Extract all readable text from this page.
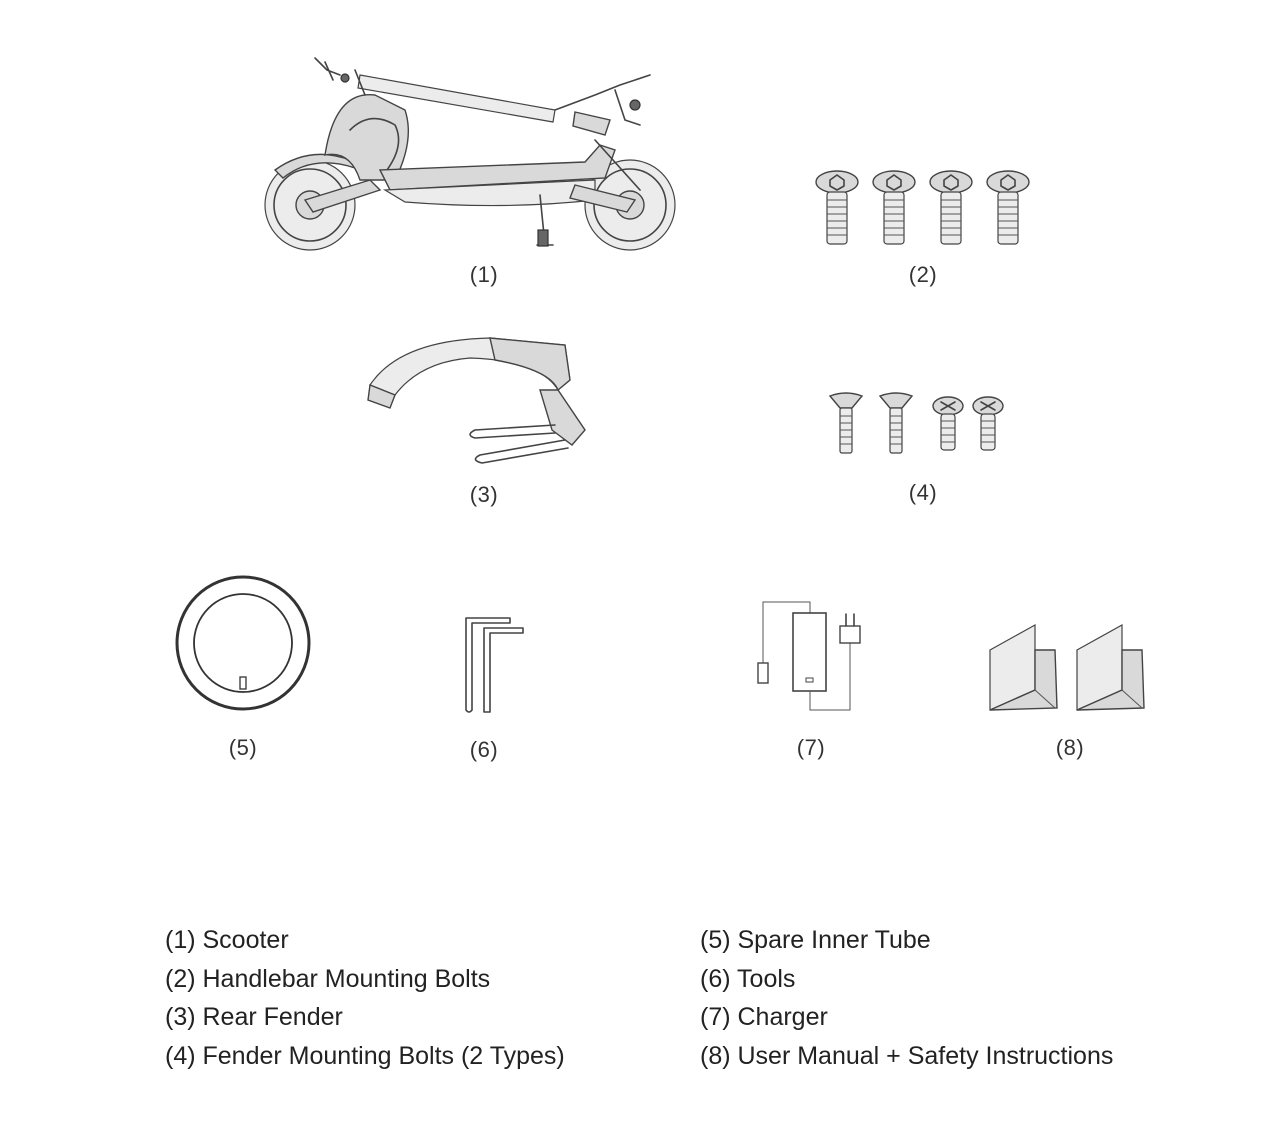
(1)	(2)
(3)	(4)
(5)	(6)	(7)	(8)
(1) Scooter
(2) Handlebar Mounting Bolts
(3) Rear Fender
(4) Fender Mounting Bolts (2 Types)
(5) Spare Inner Tube
(6) Tools
(7) Charger
(8) User Manual + Safety Instructions
